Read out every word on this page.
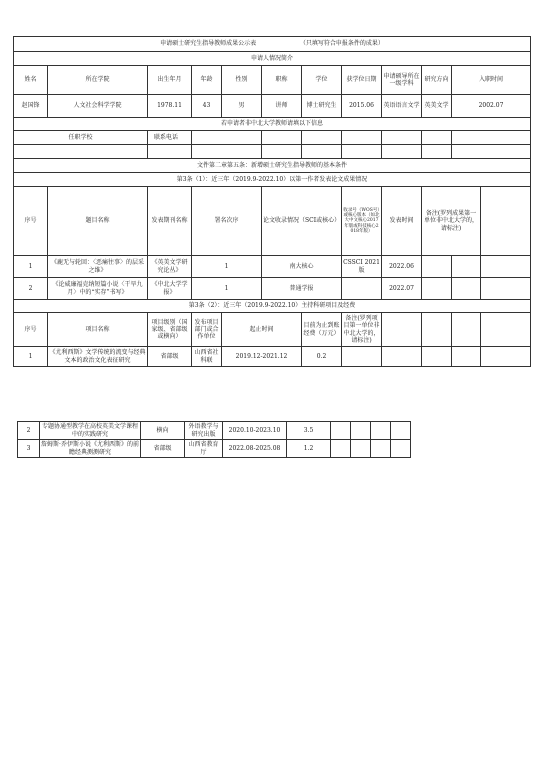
申请硕士研究生指导教师成果公示表 （只填写符合申报条件的成果）											
申请人情况简介											
姓名	所在学院	出生年月	年龄	性别	职称	学位	获学位日期	申请硕导所在一级学科	研究方向	入职时间	
赵国锋	人文社会科学学院	1978.11	43	男	讲师	博士研究生	2015.06	英语语言文学	英美文学	2002.07	
若申请者非中北大学教师请填以下信息											
任职学校		联系电话									

文件第二章第五条：新增硕士研究生指导教师的基本条件											
第3条（1）：近三年（2019.9-2022.10）以第一作者发表论文成果情况											
序号	题目名称	发表期刊名称	署名次序		论文收录情况（SCI或核心）		收录号（WOS号）或核心版本（如北大中文核心2017年版或科技核心2018年版）	发表时间	备注(罗列成果第一单位非中北大学的，请标注)		
1	《鹿无与轮回：〈恶痛往事〉的层采之维》	《英美文学研究论丛》	1		南大核心		CSSCI 2021版	2022.06			
2	《论威廉福克纳短篇小说〈干旱九月〉中的“实存”书写》	《中北大学学报》	1		普通学报			2022.07			
第3条（2）：近三年（2019.9-2022.10）主持科研项目及经费											
序号	项目名称	项目级别（国家级、省部级或横向）	发布项目部门或合作单位	起止时间		目前为止到账经费（万元）	备注(罗列项目第一单位非中北大学的，请标注)				
1	《尤利西斯》文学传统的流变与经典文本的政治文化表征研究	省部级	山西省社科联	2019.12-2021.12		0.2					
2	专题协通型教学在高校英美文学课程中的实践研究	横向	外语教学与研究出版	2020.10-2023.10	3.5				
3	詹姆斯·乔伊斯小说《尤利西斯》的前瞻经典测测研究	省部级	山西省教育厅	2022.08-2025.08	1.2				
